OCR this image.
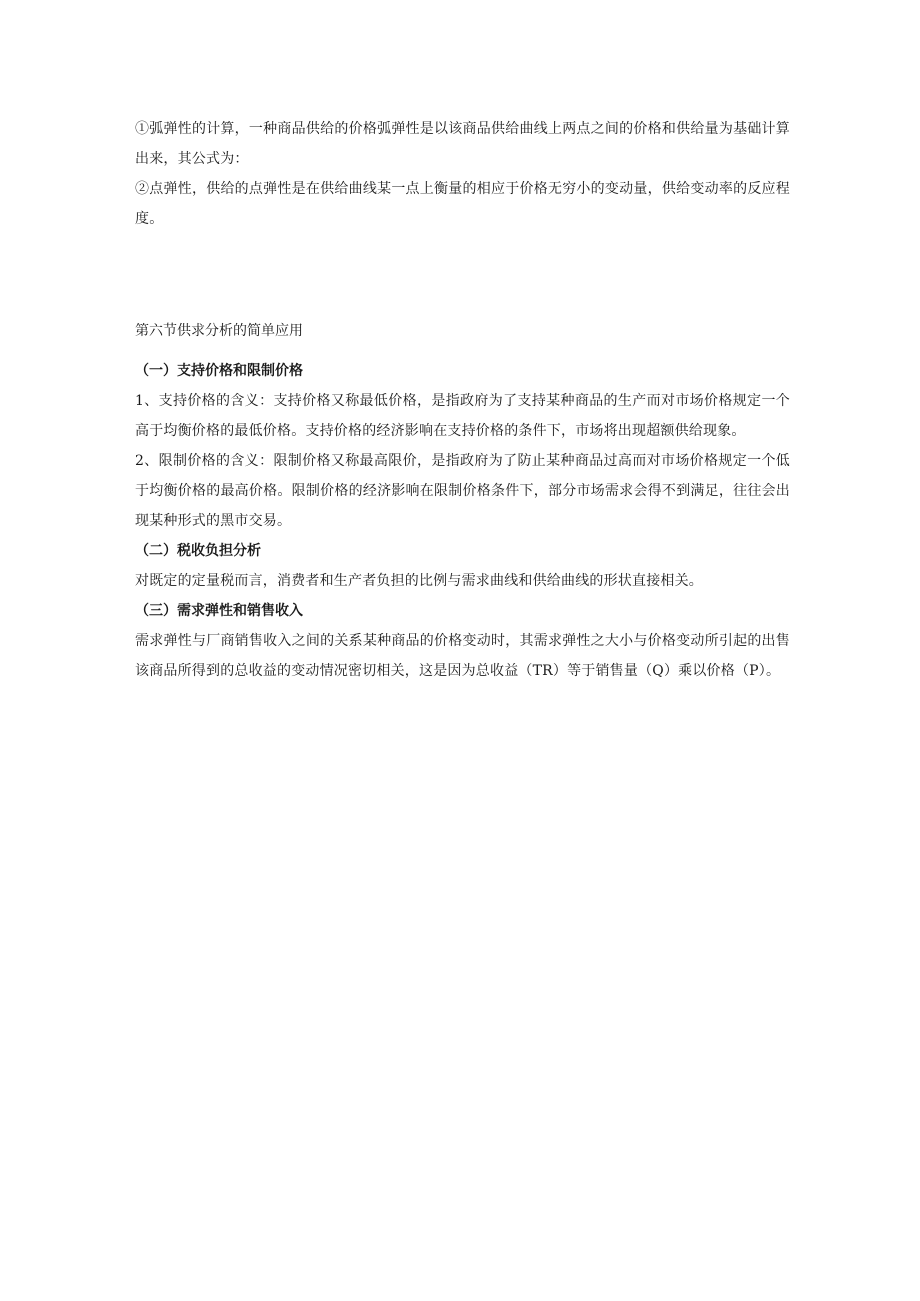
①弧弹性的计算，一种商品供给的价格弧弹性是以该商品供给曲线上两点之间的价格和供给量为基础计算出来，其公式为：

②点弹性，供给的点弹性是在供给曲线某一点上衡量的相应于价格无穷小的变动量，供给变动率的反应程度。

第六节供求分析的简单应用

（一）支持价格和限制价格

1、支持价格的含义：支持价格又称最低价格，是指政府为了支持某种商品的生产而对市场价格规定一个高于均衡价格的最低价格。支持价格的经济影响在支持价格的条件下，市场将出现超额供给现象。

2、限制价格的含义：限制价格又称最高限价，是指政府为了防止某种商品过高而对市场价格规定一个低于均衡价格的最高价格。限制价格的经济影响在限制价格条件下，部分市场需求会得不到满足，往往会出现某种形式的黑市交易。

（二）税收负担分析

对既定的定量税而言，消费者和生产者负担的比例与需求曲线和供给曲线的形状直接相关。

（三）需求弹性和销售收入

需求弹性与厂商销售收入之间的关系某种商品的价格变动时，其需求弹性之大小与价格变动所引起的出售该商品所得到的总收益的变动情况密切相关，这是因为总收益（TR）等于销售量（Q）乘以价格（P）。
